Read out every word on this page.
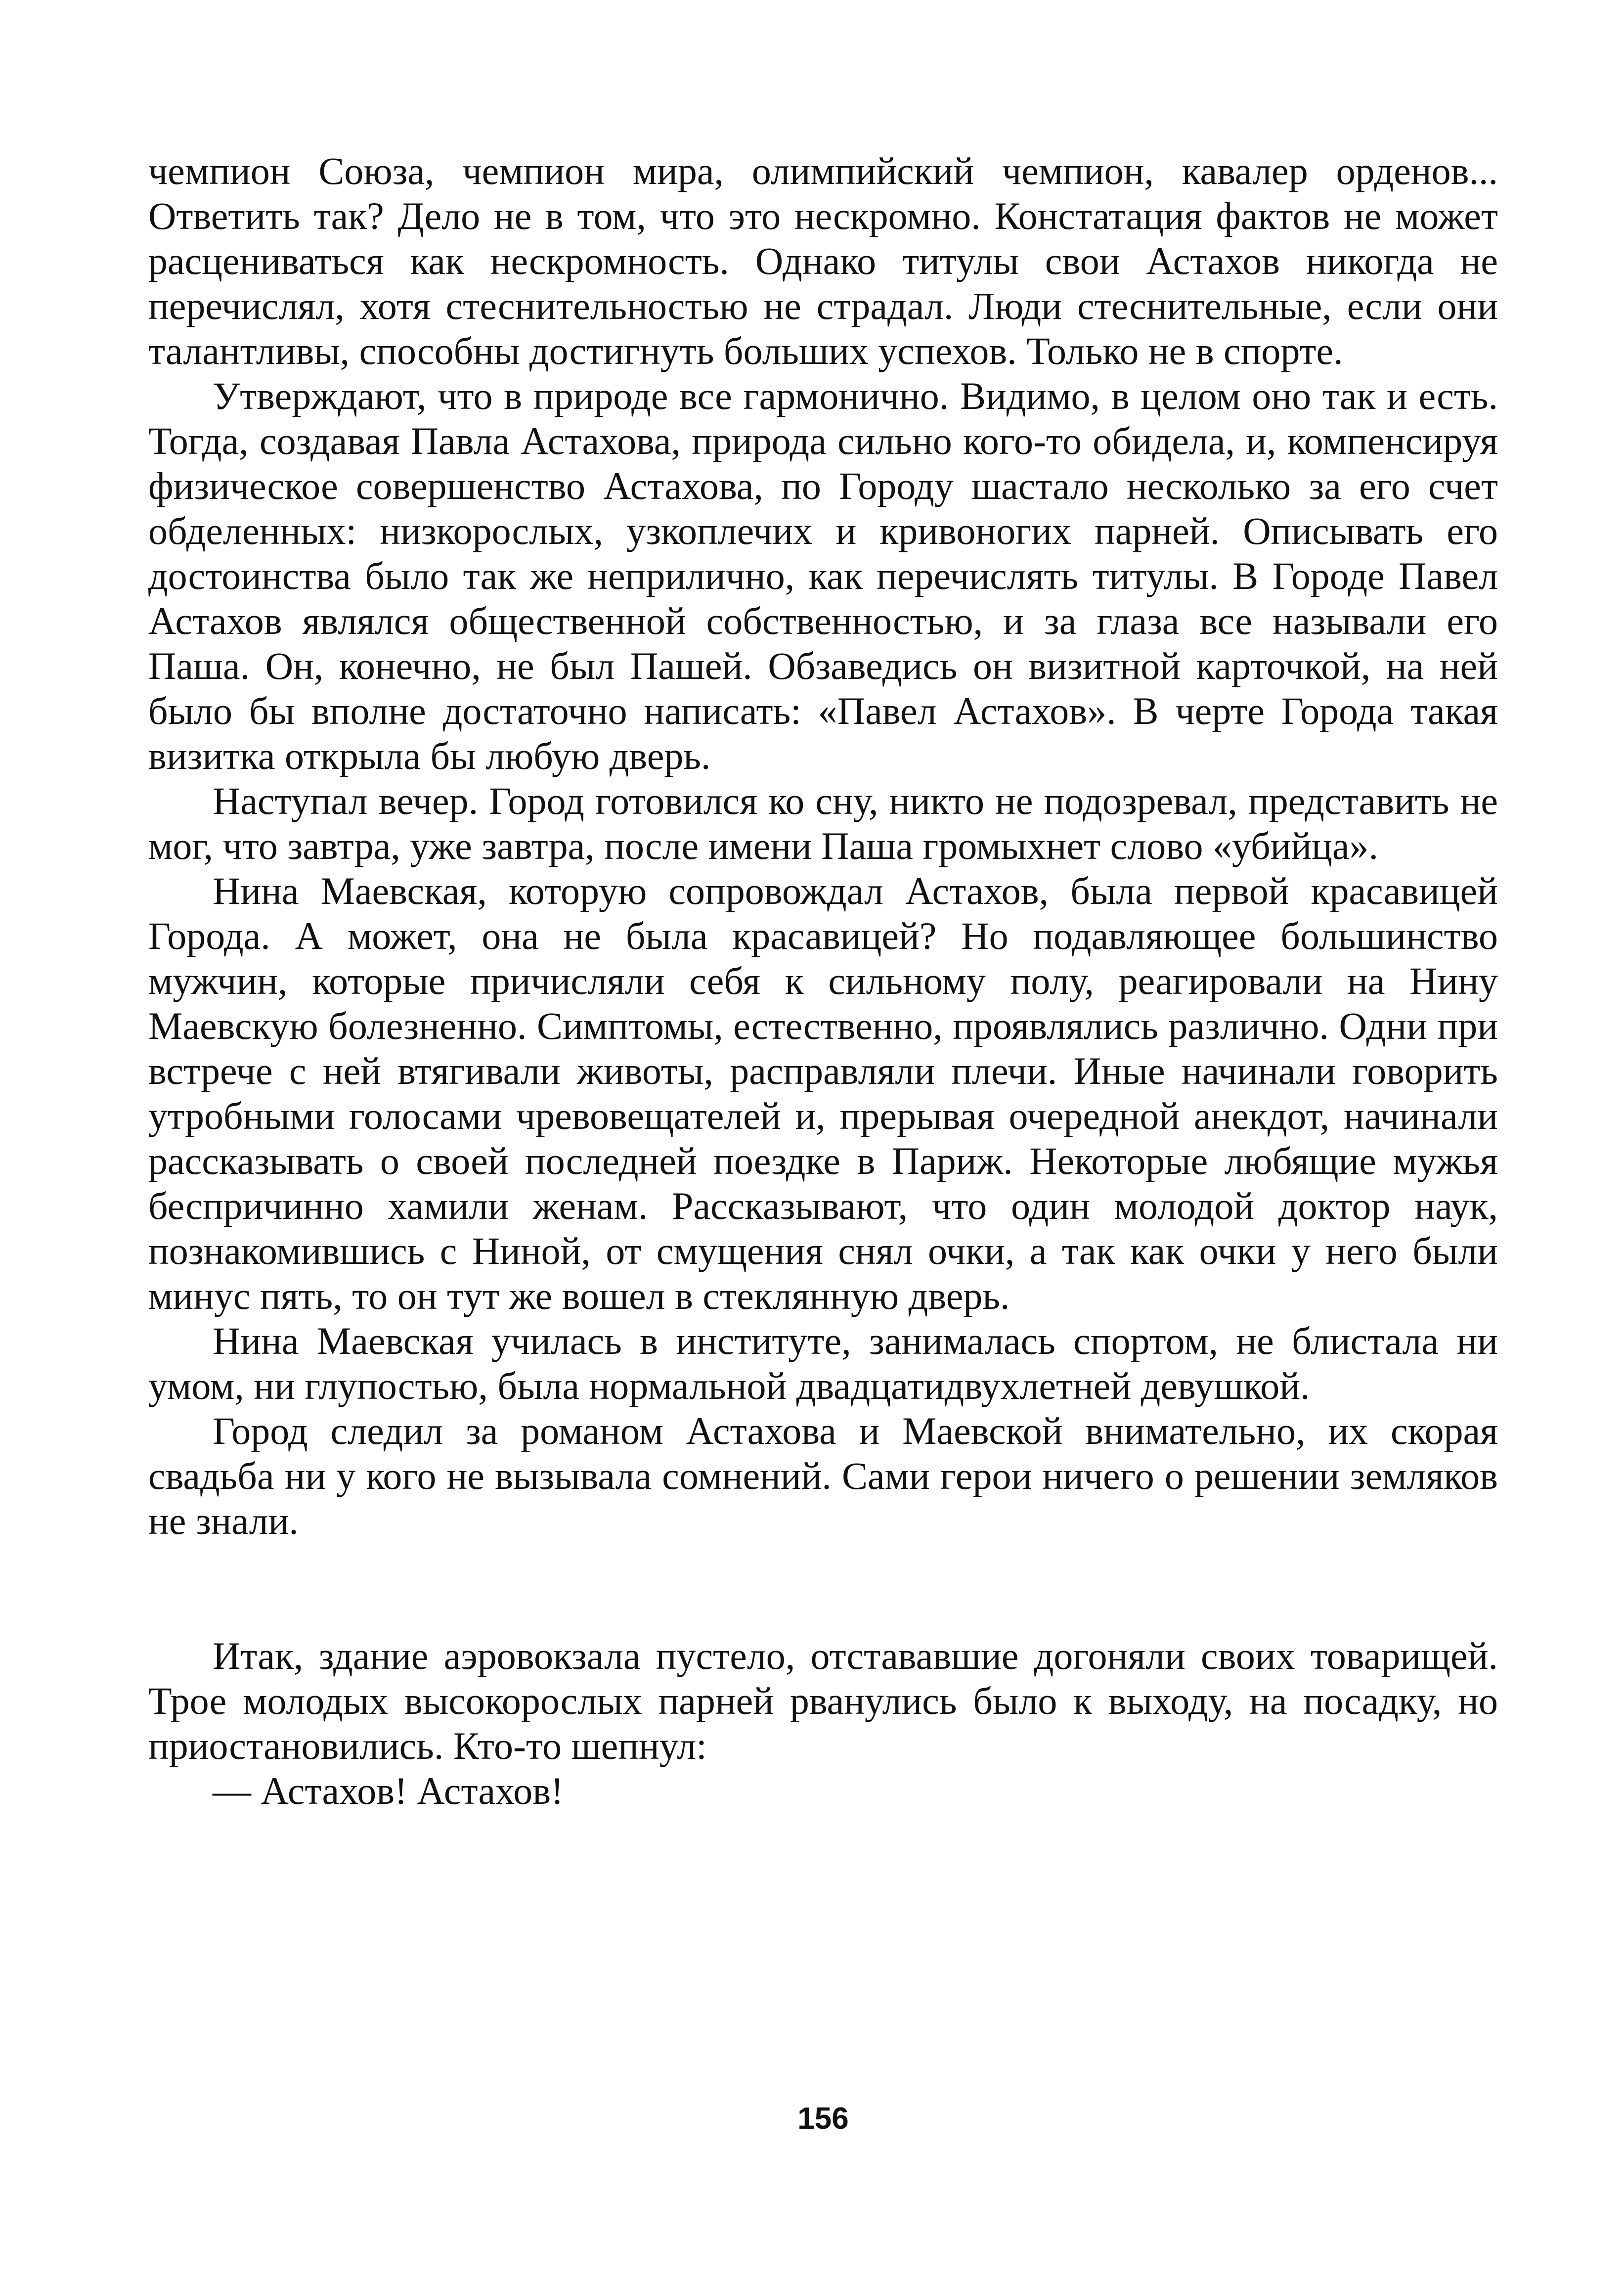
чемпион Союза, чемпион мира, олимпийский чемпион, кавалер орденов... Ответить так? Дело не в том, что это нескромно. Констатация фактов не может расцениваться как нескромность. Однако титулы свои Астахов никогда не перечислял, хотя стеснительностью не страдал. Люди стеснительные, если они талантливы, способны достигнуть больших успехов. Только не в спорте.

Утверждают, что в природе все гармонично. Видимо, в целом оно так и есть. Тогда, создавая Павла Астахова, природа сильно кого-то обидела, и, компенсируя физическое совершенство Астахова, по Городу шастало несколько за его счет обделенных: низкорослых, узкоплечих и кривоногих парней. Описывать его достоинства было так же неприлично, как перечислять титулы. В Городе Павел Астахов являлся общественной собственностью, и за глаза все называли его Паша. Он, конечно, не был Пашей. Обзаведись он визитной карточкой, на ней было бы вполне достаточно написать: «Павел Астахов». В черте Города такая визитка открыла бы любую дверь.

Наступал вечер. Город готовился ко сну, никто не подозревал, представить не мог, что завтра, уже завтра, после имени Паша громыхнет слово «убийца».

Нина Маевская, которую сопровождал Астахов, была первой красавицей Города. А может, она не была красавицей? Но подавляющее большинство мужчин, которые причисляли себя к сильному полу, реагировали на Нину Маевскую болезненно. Симптомы, естественно, проявлялись различно. Одни при встрече с ней втягивали животы, расправляли плечи. Иные начинали говорить утробными голосами чревовещателей и, прерывая очередной анекдот, начинали рассказывать о своей последней поездке в Париж. Некоторые любящие мужья беспричинно хамили женам. Рассказывают, что один молодой доктор наук, познакомившись с Ниной, от смущения снял очки, а так как очки у него были минус пять, то он тут же вошел в стеклянную дверь.

Нина Маевская училась в институте, занималась спортом, не блистала ни умом, ни глупостью, была нормальной двадцатидвухлетней девушкой.

Город следил за романом Астахова и Маевской внимательно, их скорая свадьба ни у кого не вызывала сомнений. Сами герои ничего о решении земляков не знали.

Итак, здание аэровокзала пустело, отстававшие догоняли своих товарищей. Трое молодых высокорослых парней рванулись было к выходу, на посадку, но приостановились. Кто-то шепнул:

— Астахов! Астахов!

156
